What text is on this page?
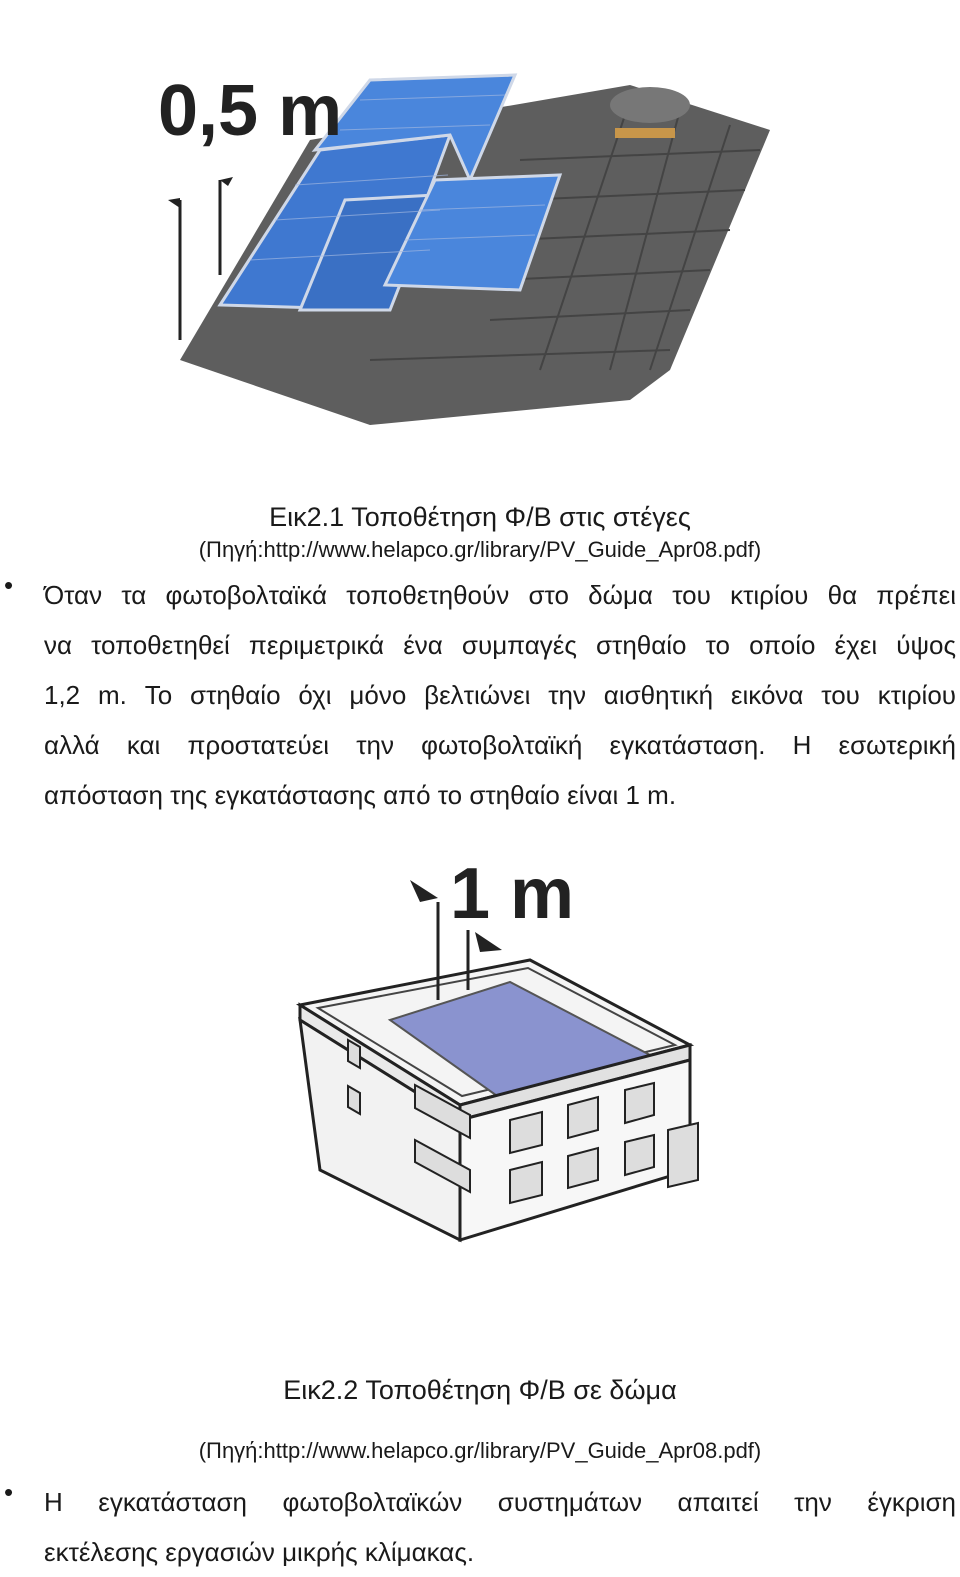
0,5 m
Εικ2.1 Τοποθέτηση Φ/Β στις στέγες
(Πηγή:http://www.helapco.gr/library/PV_Guide_Apr08.pdf)
• Όταν τα φωτοβολταϊκά τοποθετηθούν στο δώμα του κτιρίου θα πρέπει
να τοποθετηθεί περιμετρικά ένα συμπαγές στηθαίο το οποίο έχει ύψος
1,2 m. Το στηθαίο όχι μόνο βελτιώνει την αισθητική εικόνα του κτιρίου
αλλά και προστατεύει την φωτοβολταϊκή εγκατάσταση. Η εσωτερική
απόσταση της εγκατάστασης από το στηθαίο είναι 1 m.
1 m
Εικ2.2 Τοποθέτηση Φ/Β σε δώμα
(Πηγή:http://www.helapco.gr/library/PV_Guide_Apr08.pdf)
• Η εγκατάσταση φωτοβολταϊκών συστημάτων απαιτεί την έγκριση
εκτέλεσης εργασιών μικρής κλίμακας.
